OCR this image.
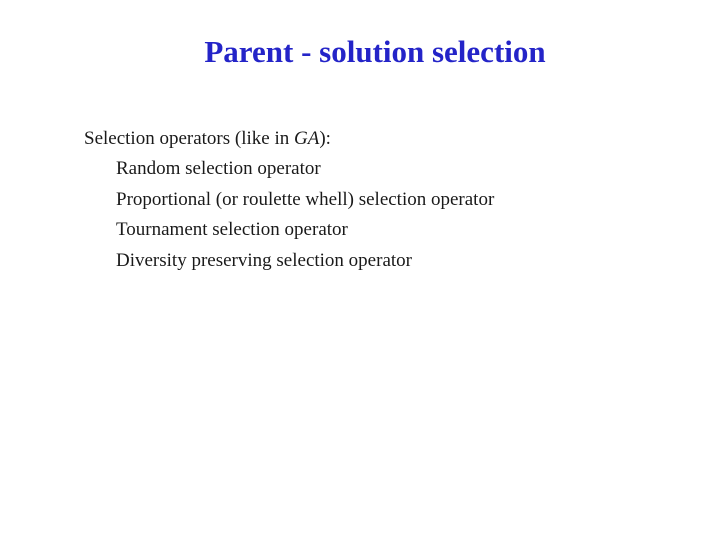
Parent - solution selection

Selection operators (like in GA):

Random selection operator
Proportional (or roulette whell) selection operator
Tournament selection operator
Diversity preserving selection operator
